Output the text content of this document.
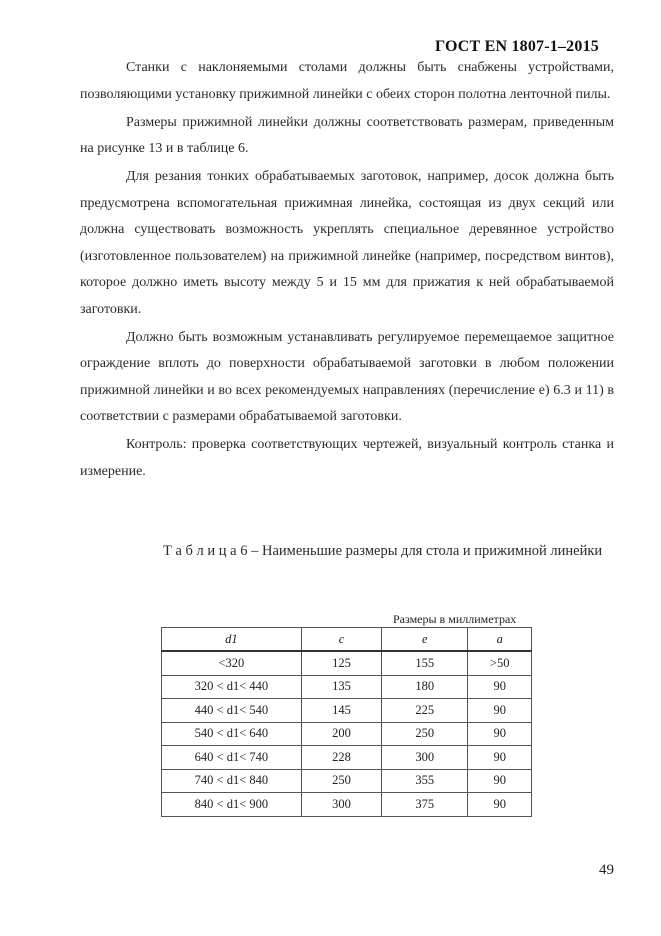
ГОСТ EN 1807-1–2015

Станки с наклоняемыми столами должны быть снабжены устройствами, позволяющими установку прижимной линейки с обеих сторон полотна ленточной пилы.

Размеры прижимной линейки должны соответствовать размерам, приведенным на рисунке 13 и в таблице 6.

Для резания тонких обрабатываемых заготовок, например, досок должна быть предусмотрена вспомогательная прижимная линейка, состоящая из двух секций или должна существовать возможность укреплять специальное деревянное устройство (изготовленное пользователем) на прижимной линейке (например, посредством винтов), которое должно иметь высоту между 5 и 15 мм для прижатия к ней обрабатываемой заготовки.

Должно быть возможным устанавливать регулируемое перемещаемое защитное ограждение вплоть до поверхности обрабатываемой заготовки в любом положении прижимной линейки и во всех рекомендуемых направлениях (перечисление е) 6.3 и 11) в соответствии с размерами обрабатываемой заготовки.

Контроль: проверка соответствующих чертежей, визуальный контроль станка и измерение.

Т а б л и ц а 6 – Наименьшие размеры для стола и прижимной линейки
Размеры в миллиметрах
d1	c	e	a
<320	125	155	>50
320 < d1< 440	135	180	90
440 < d1< 540	145	225	90
540 < d1< 640	200	250	90
640 < d1< 740	228	300	90
740 < d1< 840	250	355	90
840 < d1< 900	300	375	90
49
